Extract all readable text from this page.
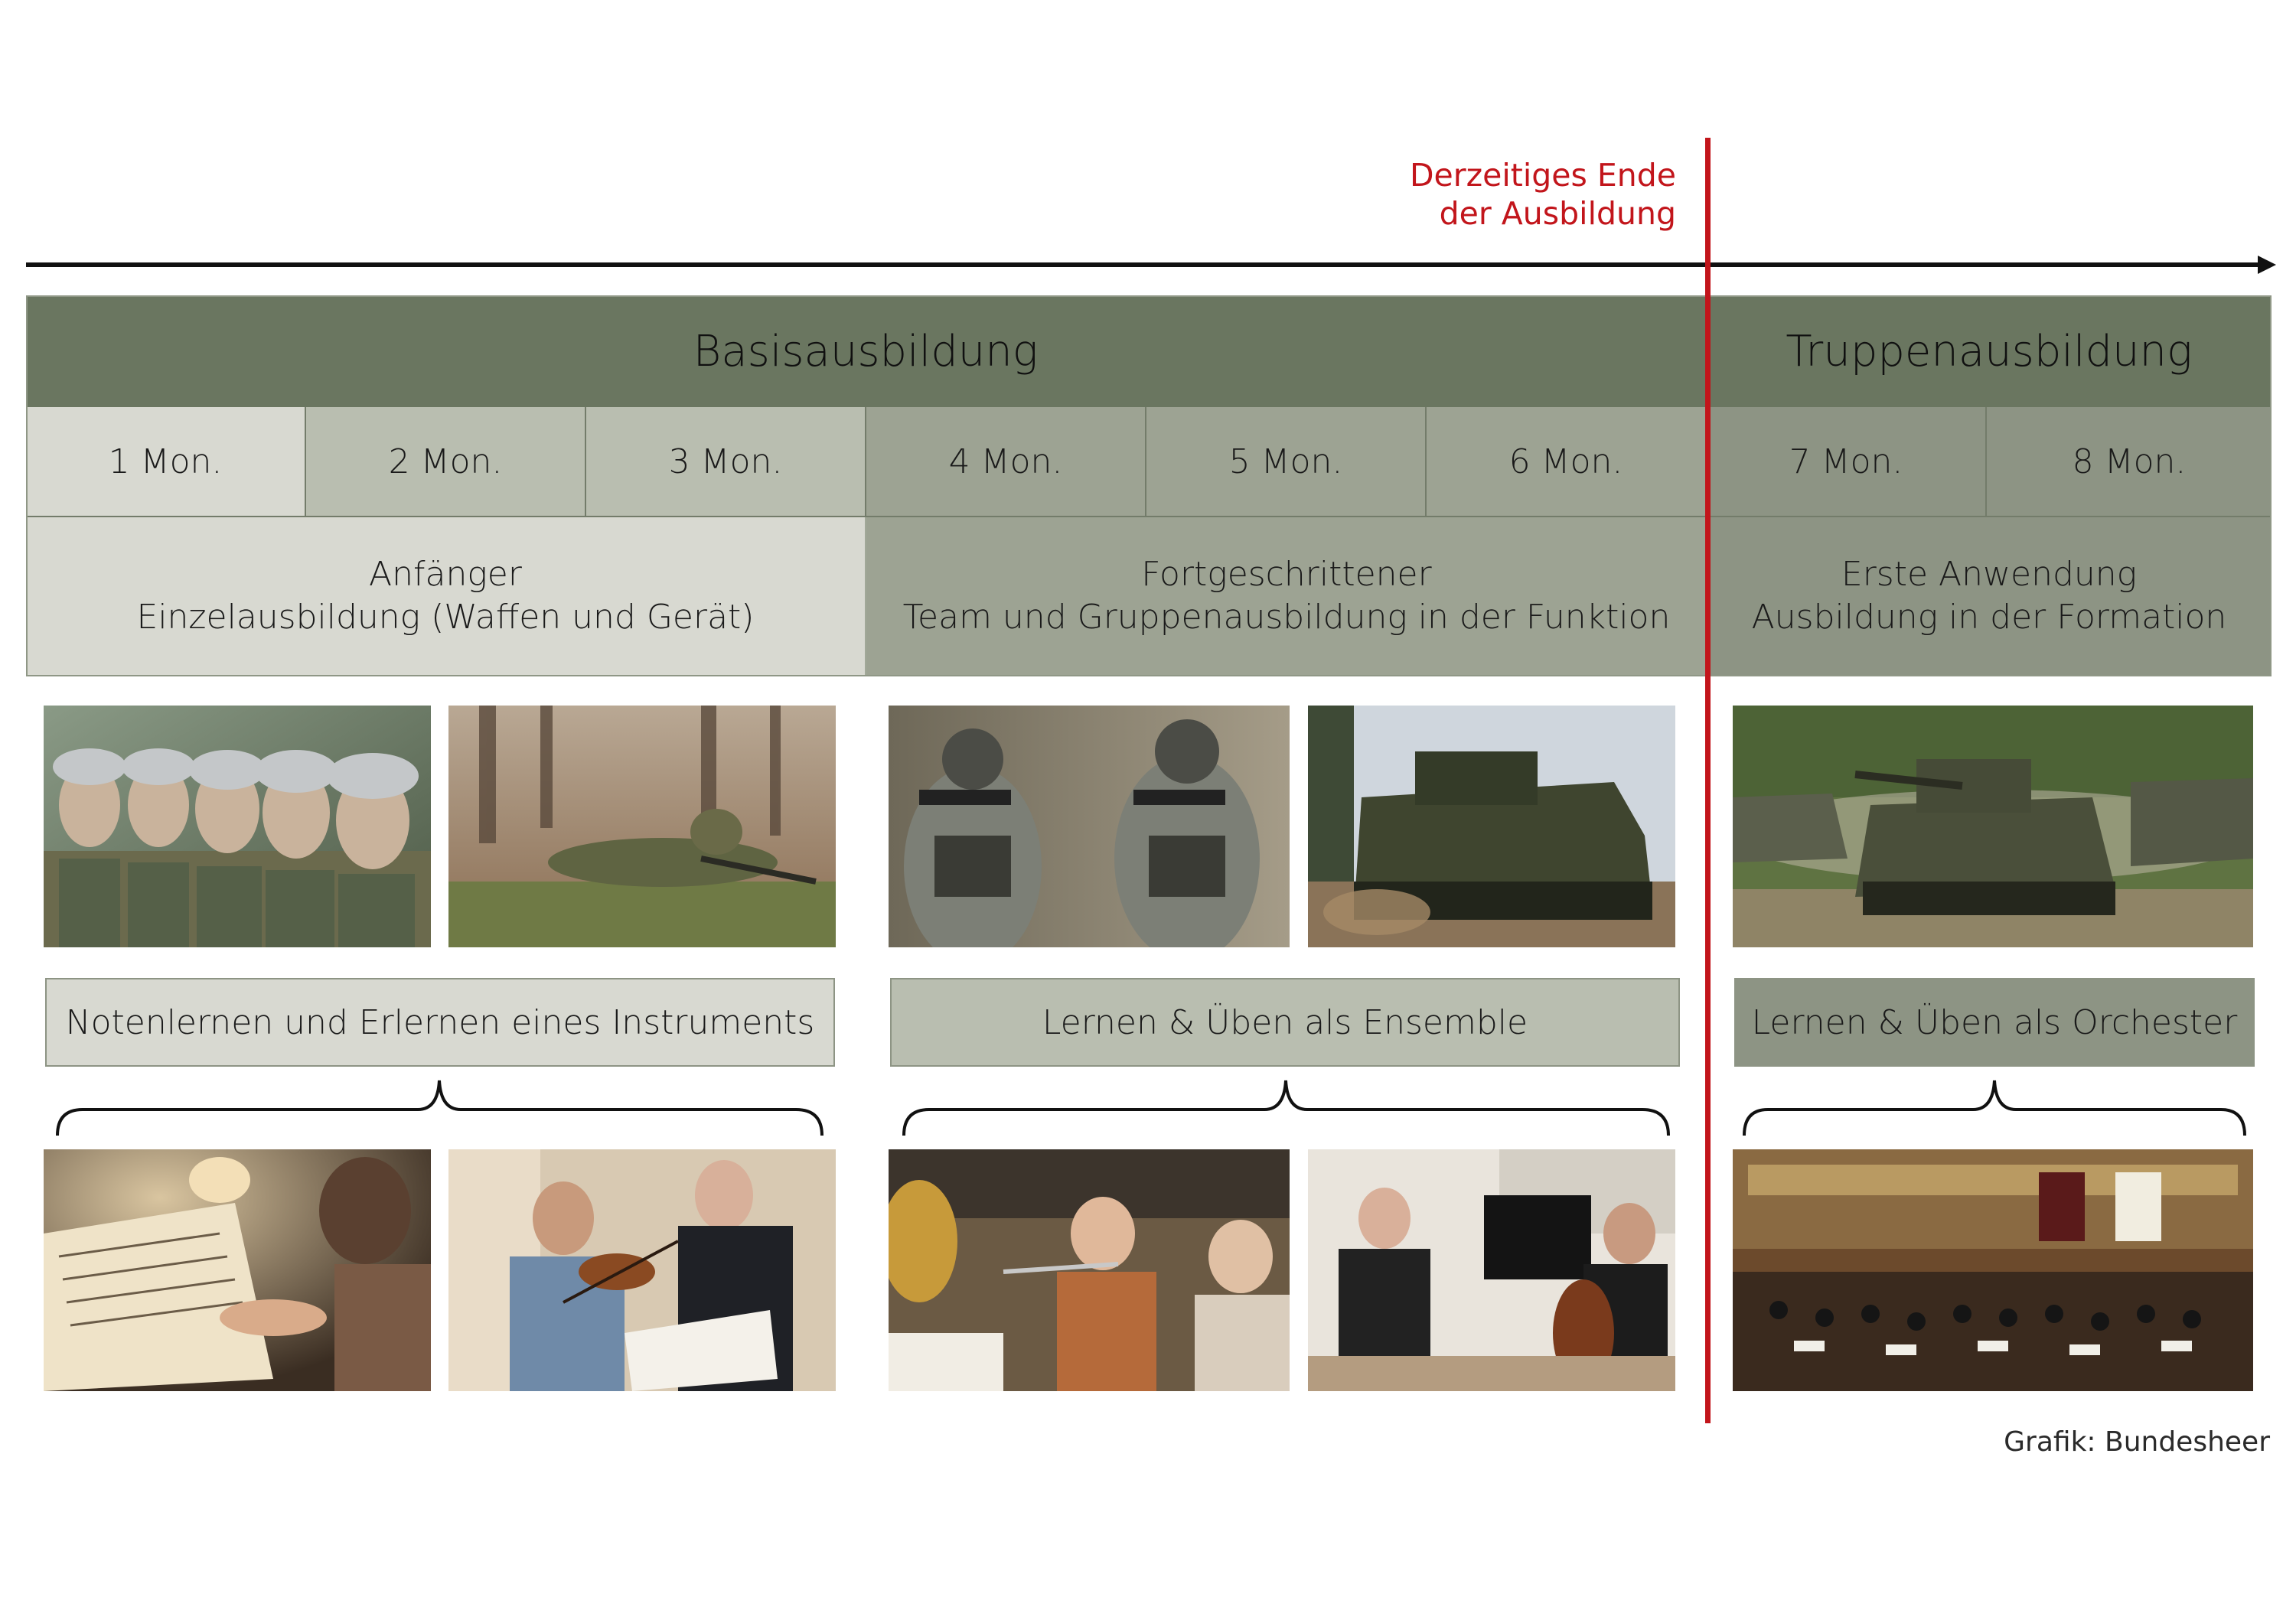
Derzeitiges Ende
der Ausbildung
Basisausbildung	Truppenausbildung
1 Mon.	2 Mon.	3 Mon.	4 Mon.	5 Mon.	6 Mon.	7 Mon.	8 Mon.
Anfänger
Einzelausbildung (Waffen und Gerät)
Fortgeschrittener
Team und Gruppenausbildung in der Funktion
Erste Anwendung
Ausbildung in der Formation
Notenlernen und Erlernen eines Instruments	Lernen & Üben als Ensemble	Lernen & Üben als Orchester
Grafik: Bundesheer
